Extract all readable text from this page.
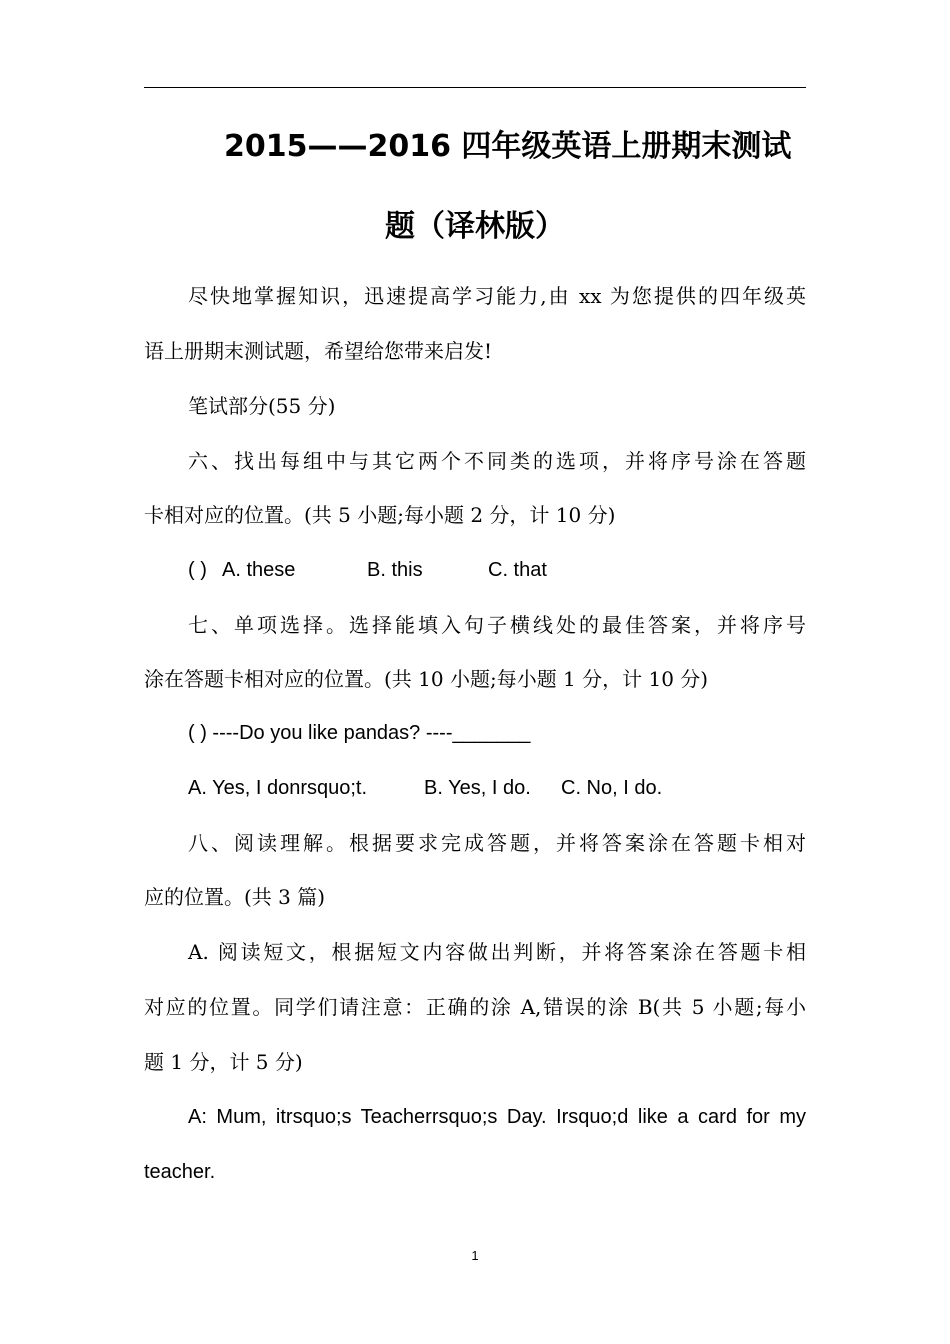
2015——2016 四年级英语上册期末测试
题（译林版）
尽快地掌握知识，迅速提高学习能力,由 xx 为您提供的四年级英
语上册期末测试题，希望给您带来启发!
笔试部分(55 分)
六、找出每组中与其它两个不同类的选项，并将序号涂在答题
卡相对应的位置。(共 5 小题;每小题 2 分，计 10 分)
( ) A. these	B. this	C. that
七、单项选择。选择能填入句子横线处的最佳答案，并将序号
涂在答题卡相对应的位置。(共 10 小题;每小题 1 分，计 10 分)
( ) ----Do you like pandas? ----_______
A. Yes, I donrsquo;t.	B. Yes, I do. C. No, I do.
八、阅读理解。根据要求完成答题，并将答案涂在答题卡相对
应的位置。(共 3 篇)
A. 阅读短文，根据短文内容做出判断，并将答案涂在答题卡相
对应的位置。同学们请注意：正确的涂 A,错误的涂 B(共 5 小题;每小
题 1 分，计 5 分)
A: Mum, itrsquo;s Teacherrsquo;s Day. Irsquo;d like a card for my
teacher.
1
